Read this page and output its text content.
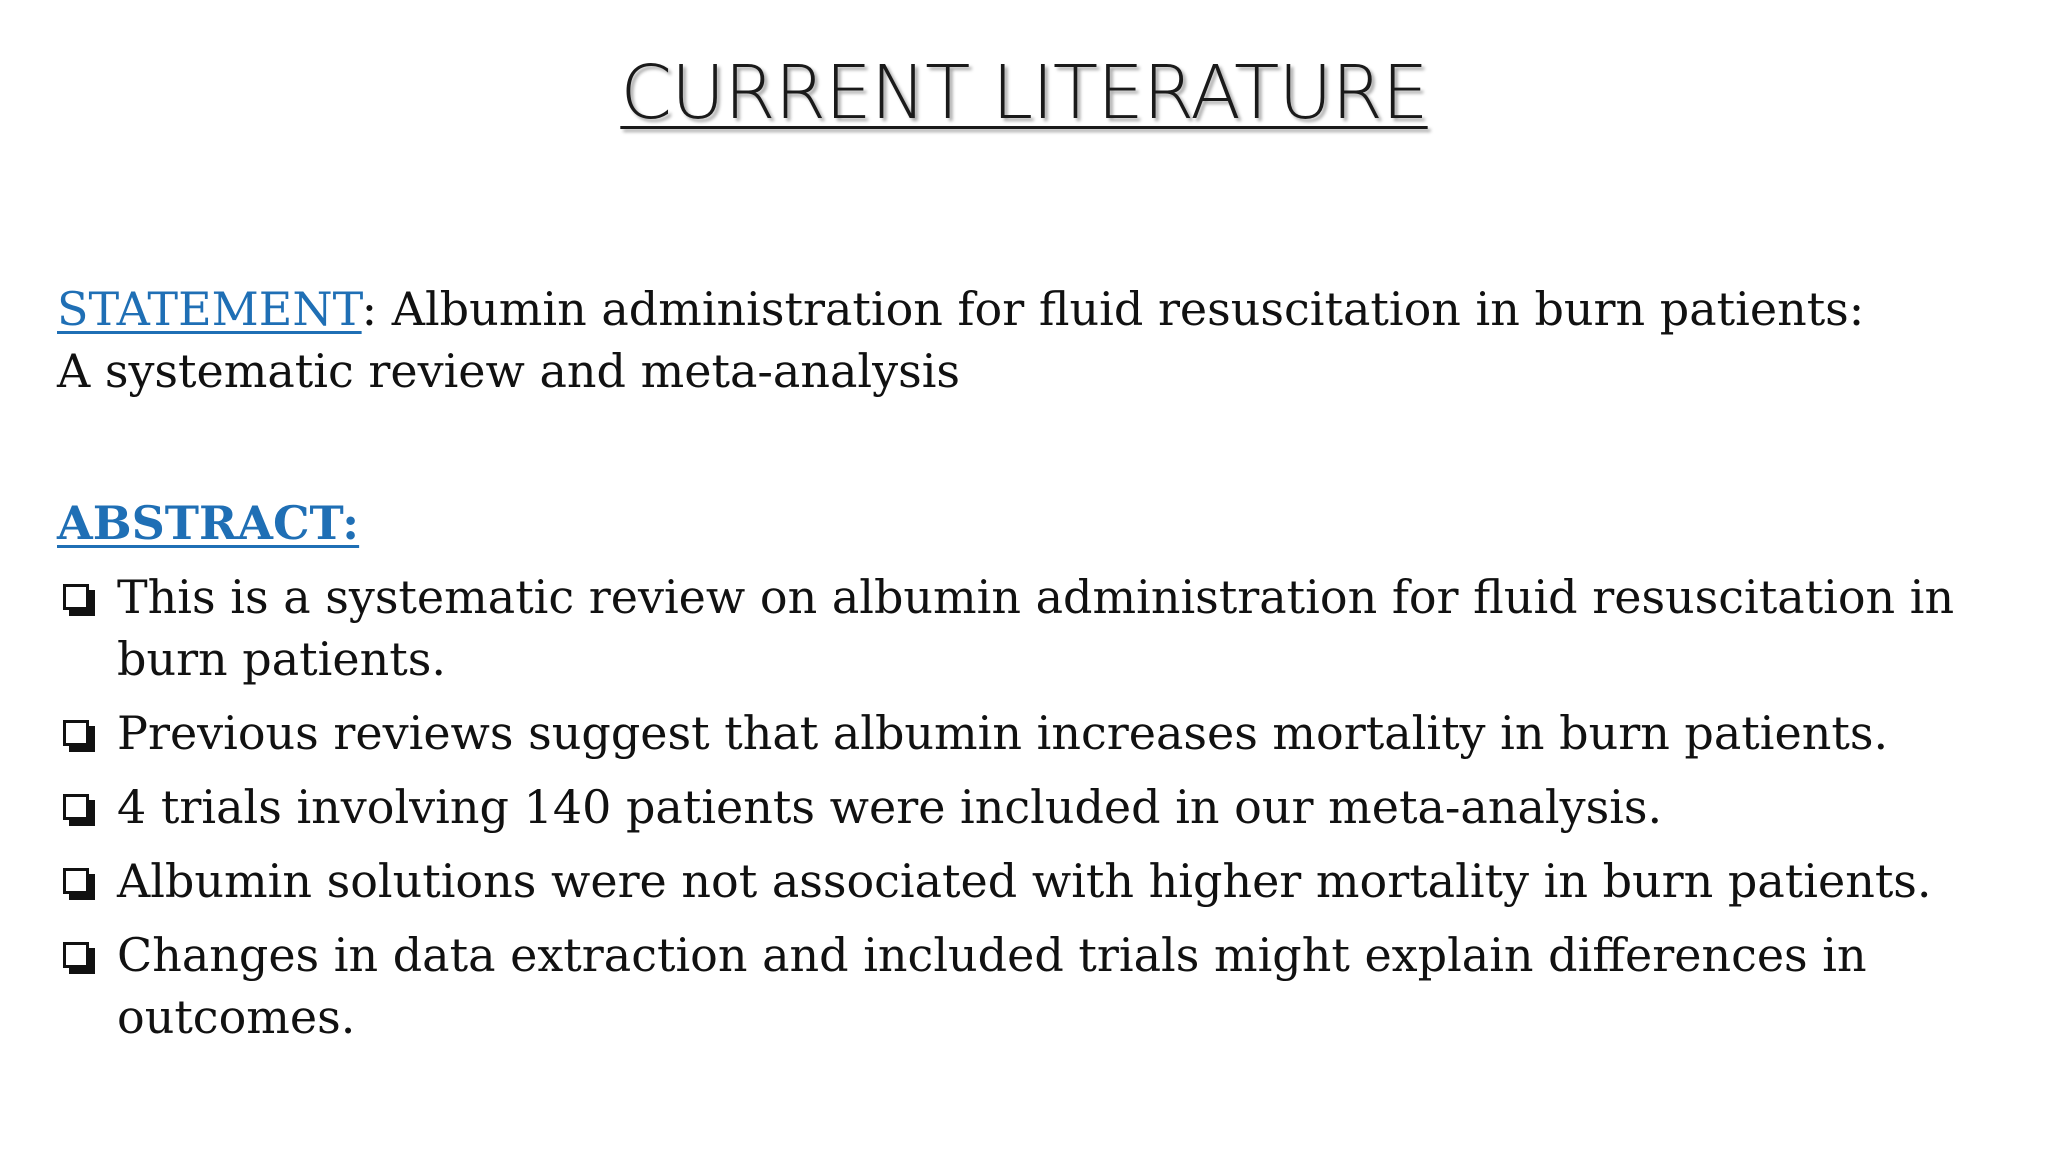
CURRENT LITERATURE

STATEMENT: Albumin administration for fluid resuscitation in burn patients: A systematic review and meta-analysis

ABSTRACT:
This is a systematic review on albumin administration for fluid resuscitation in burn patients.
Previous reviews suggest that albumin increases mortality in burn patients.
4 trials involving 140 patients were included in our meta-analysis.
Albumin solutions were not associated with higher mortality in burn patients.
Changes in data extraction and included trials might explain differences in outcomes.
